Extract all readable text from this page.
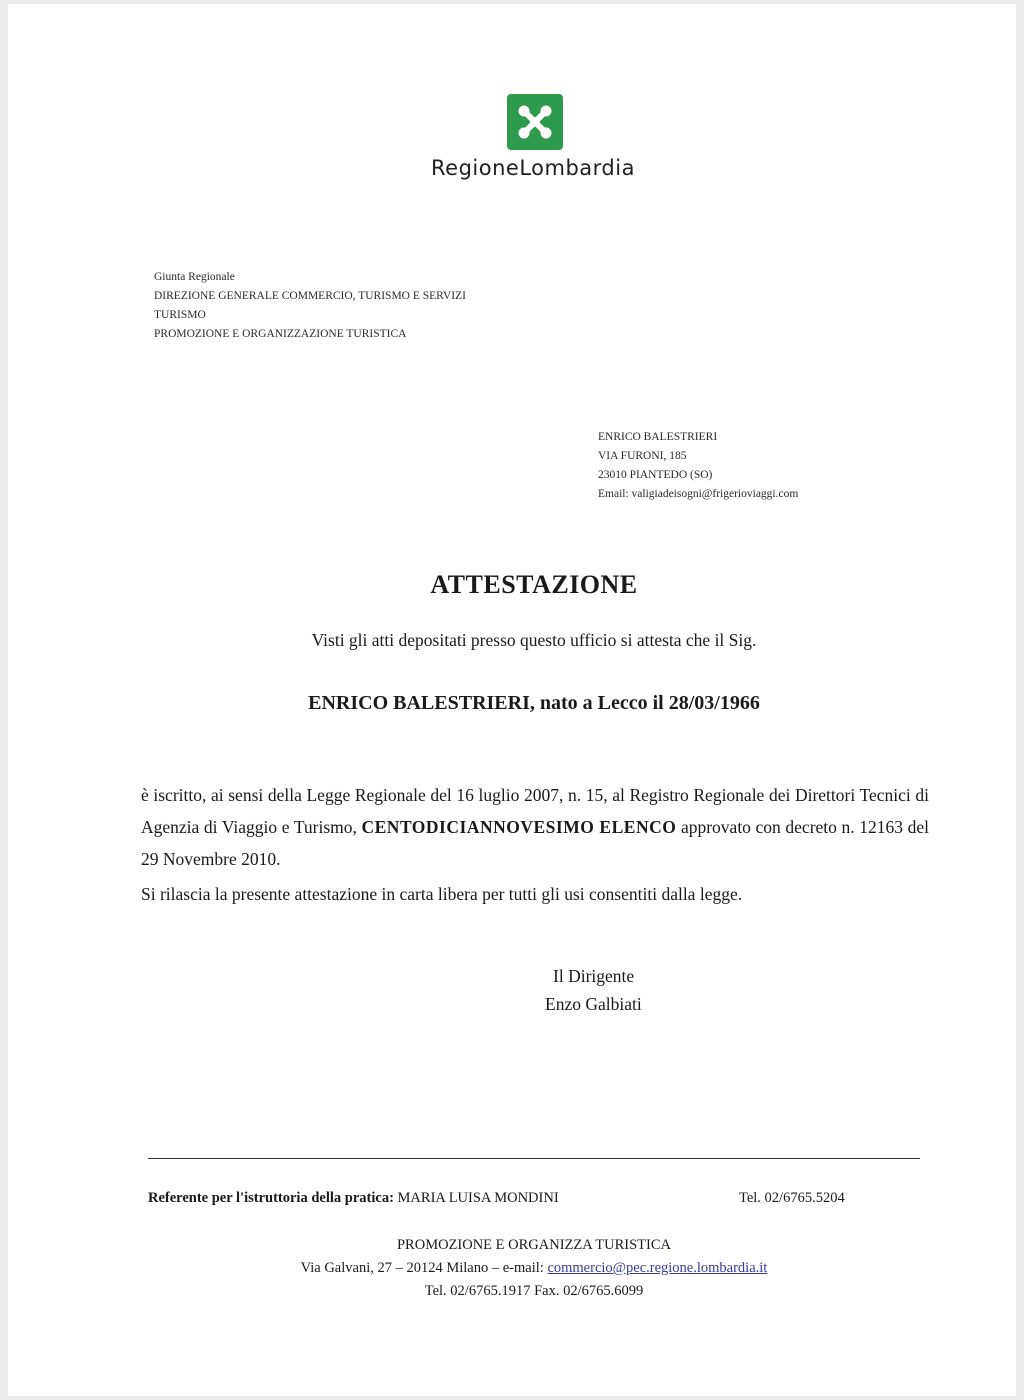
RegioneLombardia
Giunta Regionale
DIREZIONE GENERALE COMMERCIO, TURISMO E SERVIZI
TURISMO
PROMOZIONE E ORGANIZZAZIONE TURISTICA
ENRICO BALESTRIERI
VIA FURONI, 185
23010 PIANTEDO (SO)
Email: valigiadeisogni@frigerioviaggi.com
ATTESTAZIONE
Visti gli atti depositati presso questo ufficio si attesta che il Sig.
ENRICO BALESTRIERI, nato a Lecco il 28/03/1966
è iscritto, ai sensi della Legge Regionale del 16 luglio 2007, n. 15, al Registro Regionale dei Direttori Tecnici di Agenzia di Viaggio e Turismo, CENTODICIANNOVESIMO ELENCO approvato con decreto n. 12163 del 29 Novembre 2010.
Si rilascia la presente attestazione in carta libera per tutti gli usi consentiti dalla legge.
Il Dirigente
Enzo Galbiati
Referente per l'istruttoria della pratica: MARIA LUISA MONDINI	Tel. 02/6765.5204
PROMOZIONE E ORGANIZZA TURISTICA
Via Galvani, 27 – 20124 Milano – e-mail: commercio@pec.regione.lombardia.it
Tel. 02/6765.1917 Fax. 02/6765.6099
